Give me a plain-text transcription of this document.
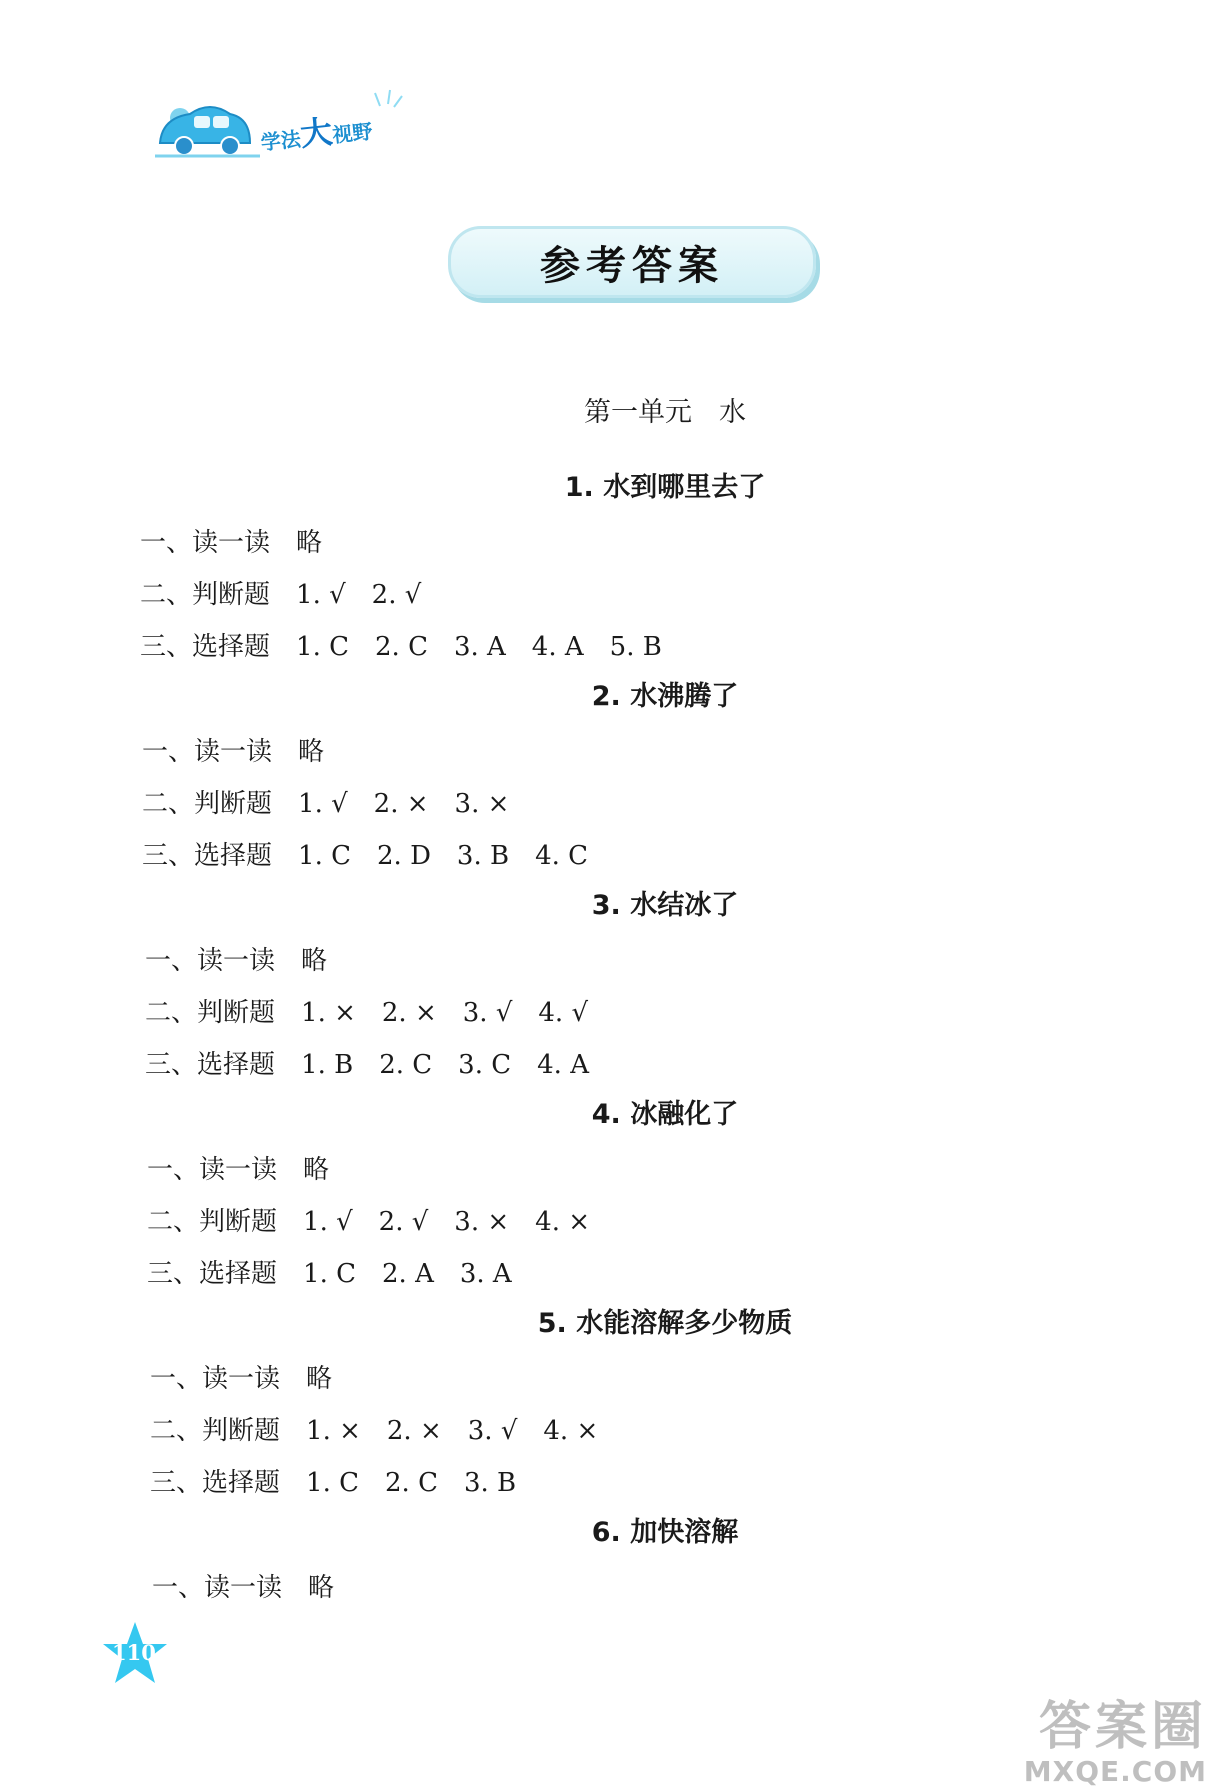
学法大视野
参考答案
第一单元　水
1. 水到哪里去了
一、读一读　 略
二、判断题　 1. √　2. √
三、选择题　 1. C　2. C　3. A　4. A　5. B
2. 水沸腾了
一、读一读　 略
二、判断题　 1. √　2. ×　3. ×
三、选择题　 1. C　2. D　3. B　4. C
3. 水结冰了
一、读一读　 略
二、判断题　 1. ×　2. ×　3. √　4. √
三、选择题　 1. B　2. C　3. C　4. A
4. 冰融化了
一、读一读　 略
二、判断题　 1. √　2. √　3. ×　4. ×
三、选择题　 1. C　2. A　3. A
5. 水能溶解多少物质
一、读一读　 略
二、判断题　 1. ×　2. ×　3. √　4. ×
三、选择题　 1. C　2. C　3. B
6. 加快溶解
一、读一读　 略
110
答案圈
MXQE.COM
